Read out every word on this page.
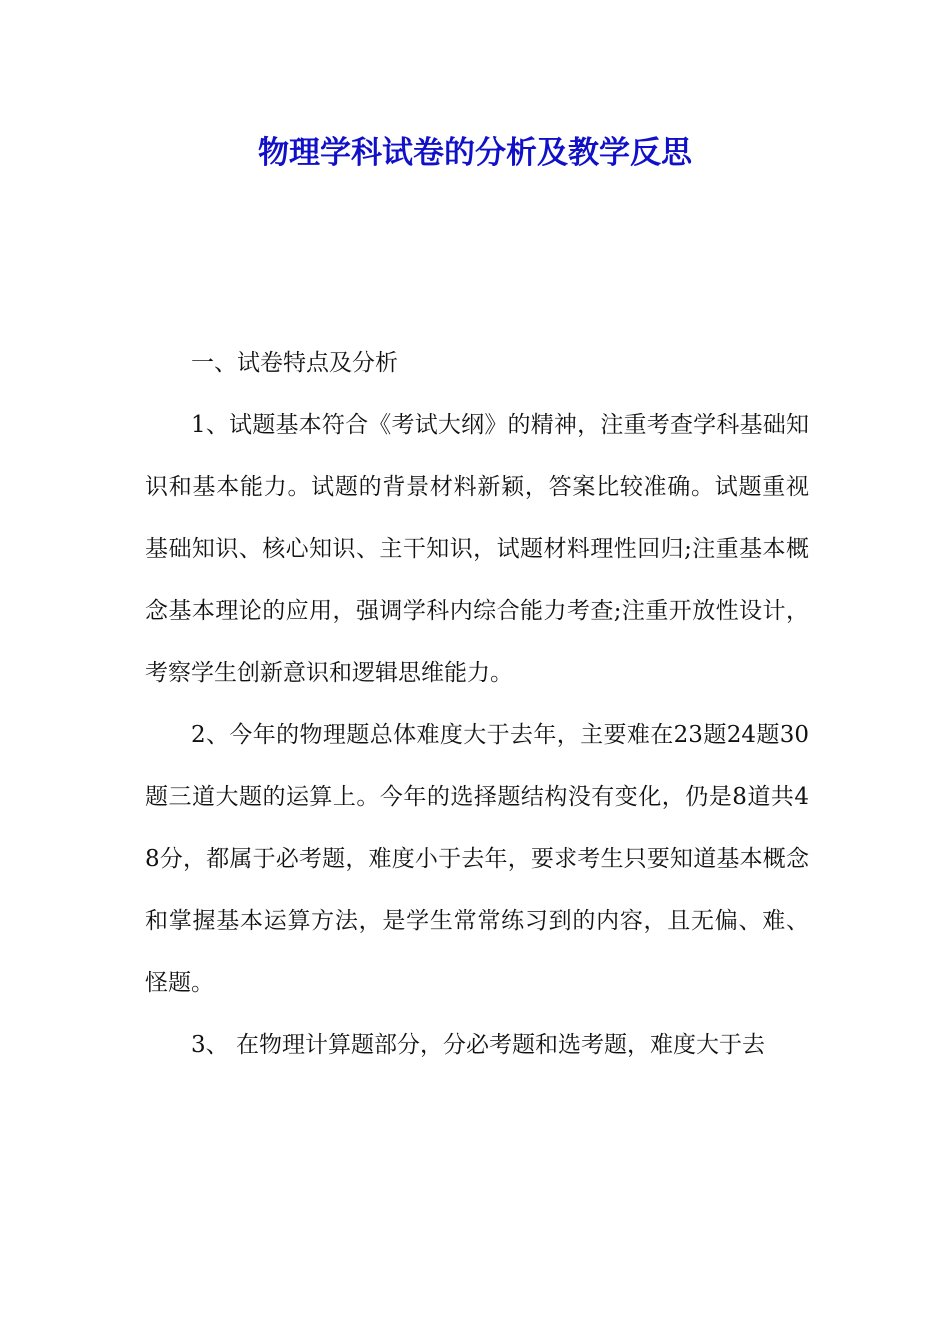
物理学科试卷的分析及教学反思

一、试卷特点及分析

1、试题基本符合《考试大纲》的精神，注重考查学科基础知识和基本能力。试题的背景材料新颖，答案比较准确。试题重视基础知识、核心知识、主干知识，试题材料理性回归;注重基本概念基本理论的应用，强调学科内综合能力考查;注重开放性设计，考察学生创新意识和逻辑思维能力。

2、今年的物理题总体难度大于去年，主要难在23题24题30题三道大题的运算上。今年的选择题结构没有变化，仍是8道共48分，都属于必考题，难度小于去年，要求考生只要知道基本概念和掌握基本运算方法，是学生常常练习到的内容，且无偏、难、怪题。

3、 在物理计算题部分，分必考题和选考题，难度大于去
